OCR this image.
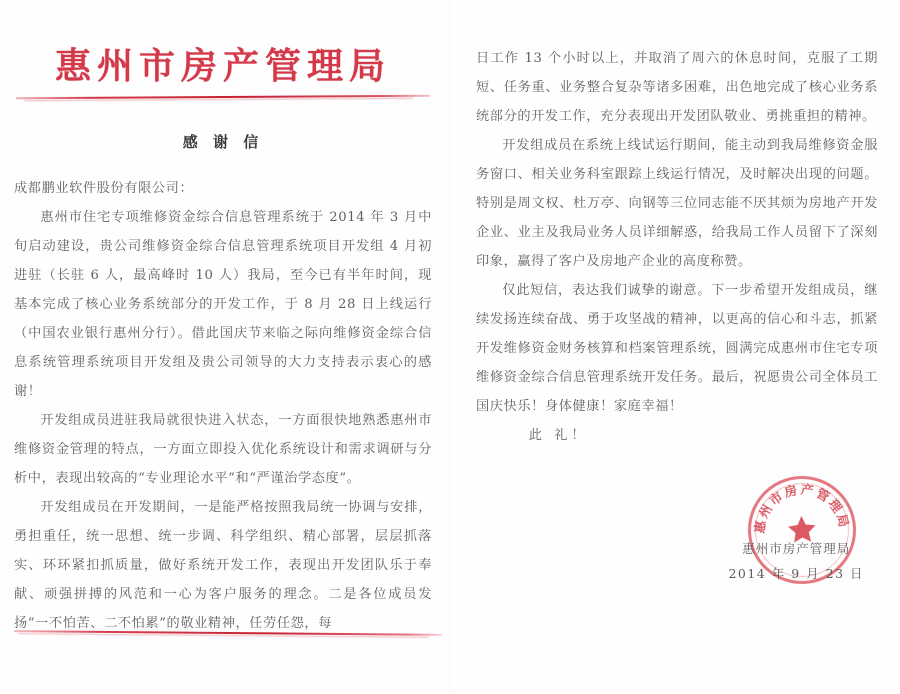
惠州市房产管理局
感 谢 信

成都鹏业软件股份有限公司：

惠州市住宅专项维修资金综合信息管理系统于 2014 年 3 月中旬启动建设，贵公司维修资金综合信息管理系统项目开发组 4 月初进驻（长驻 6 人，最高峰时 10 人）我局，至今已有半年时间，现基本完成了核心业务系统部分的开发工作，于 8 月 28 日上线运行（中国农业银行惠州分行）。借此国庆节来临之际向维修资金综合信息系统管理系统项目开发组及贵公司领导的大力支持表示衷心的感谢！

开发组成员进驻我局就很快进入状态，一方面很快地熟悉惠州市维修资金管理的特点，一方面立即投入优化系统设计和需求调研与分析中，表现出较高的“专业理论水平”和“严谨治学态度”。

开发组成员在开发期间，一是能严格按照我局统一协调与安排，勇担重任，统一思想、统一步调、科学组织、精心部署，层层抓落实、环环紧扣抓质量，做好系统开发工作，表现出开发团队乐于奉献、顽强拼搏的风范和一心为客户服务的理念。二是各位成员发扬“一不怕苦、二不怕累”的敬业精神，任劳任怨，每

日工作 13 个小时以上，并取消了周六的休息时间，克服了工期短、任务重、业务整合复杂等诸多困难，出色地完成了核心业务系统部分的开发工作，充分表现出开发团队敬业、勇挑重担的精神。

开发组成员在系统上线试运行期间，能主动到我局维修资金服务窗口、相关业务科室跟踪上线运行情况，及时解决出现的问题。特别是周文权、杜万亭、向钢等三位同志能不厌其烦为房地产开发企业、业主及我局业务人员详细解惑，给我局工作人员留下了深刻印象，赢得了客户及房地产企业的高度称赞。

仅此短信，表达我们诚挚的谢意。下一步希望开发组成员，继续发扬连续奋战、勇于攻坚战的精神，以更高的信心和斗志，抓紧开发维修资金财务核算和档案管理系统，圆满完成惠州市住宅专项维修资金综合信息管理系统开发任务。最后，祝愿贵公司全体员工国庆快乐！身体健康！家庭幸福！

此 礼！

惠州市房产管理局
惠州市房产管理局
2014 年 9 月 23 日
